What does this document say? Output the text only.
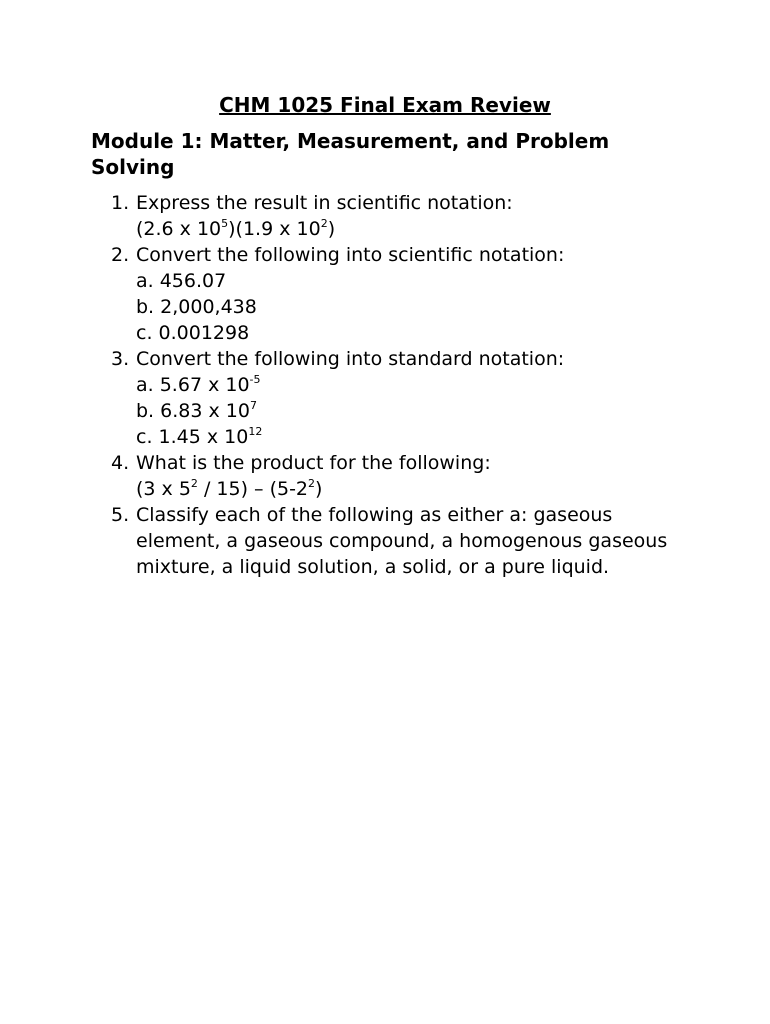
CHM 1025 Final Exam Review
Module 1: Matter, Measurement, and Problem Solving
1. Express the result in scientific notation:
(2.6 x $10^5)(1.9$ x $10^2$)
2. Convert the following into scientific notation:
a. 456.07
b. 2,000,438
c. 0.001298
3. Convert the following into standard notation:
a. 5.67 x $10^{-5}$
b. 6.83 x $10^7$
c. 1.45 x $10^{12}$
4. What is the product for the following:
(3 x $5^2 / 15) - (5-2^2)$
5. Classify each of the following as either a: gaseous element, a gaseous compound, a homogenous gaseous mixture, a liquid solution, a solid, or a pure liquid.
